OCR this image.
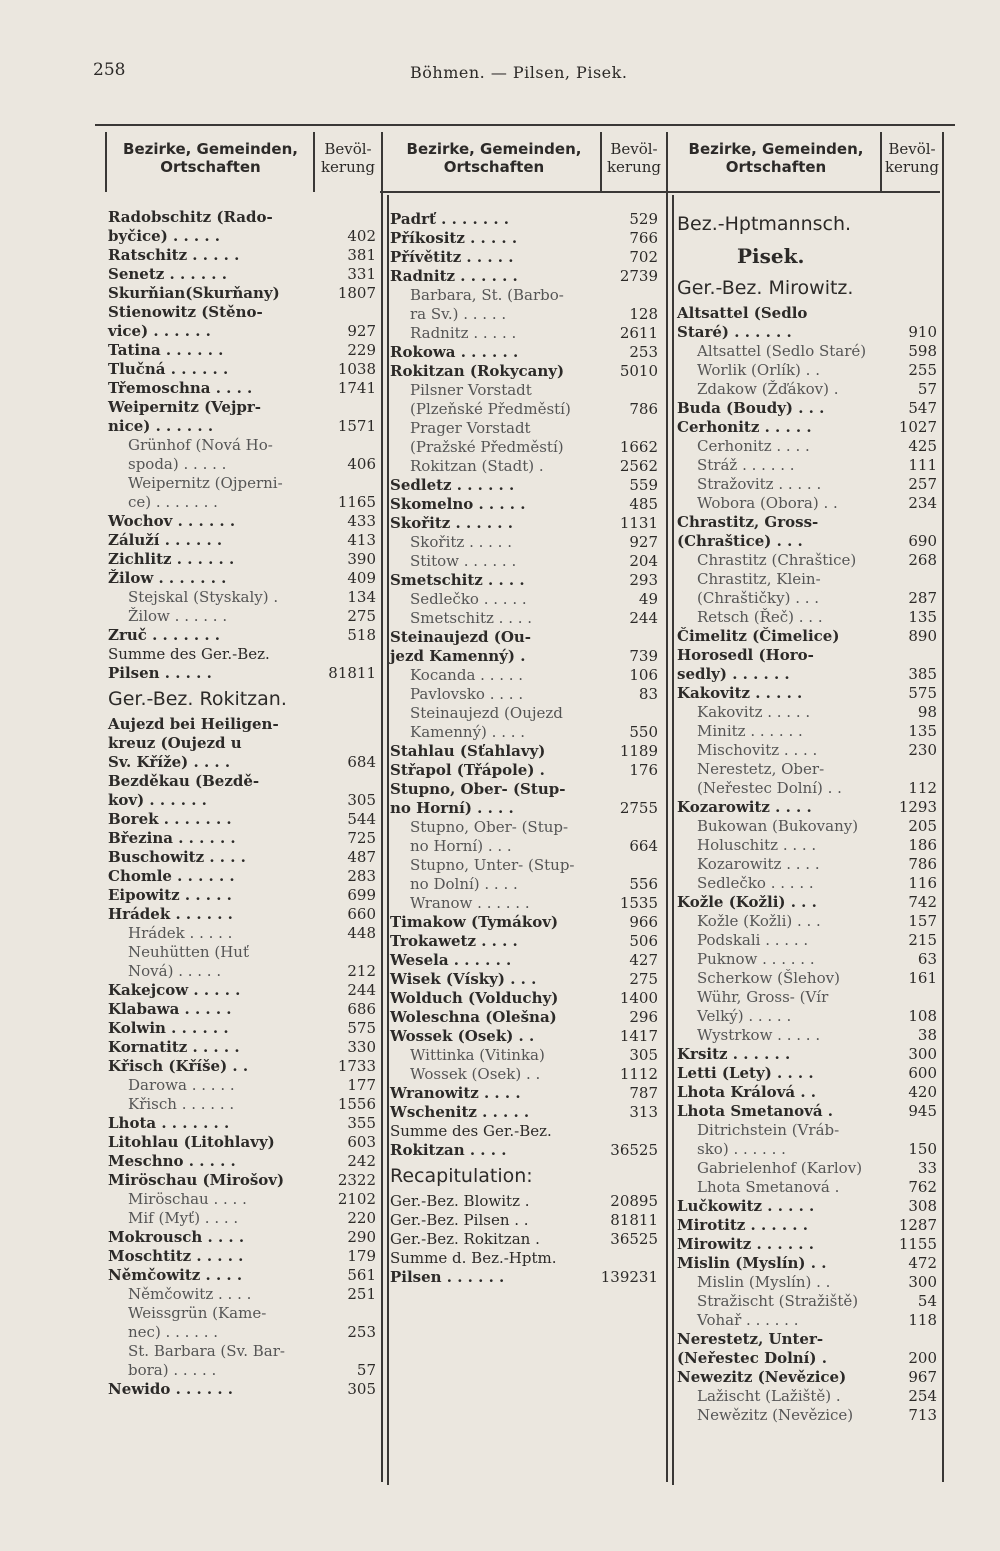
258	Böhmen. — Pilsen, Pisek.
Bezirke, Gemeinden,
Ortschaften
Bevöl-
kerung
Bezirke, Gemeinden,
Ortschaften
Bevöl-
kerung
Bezirke, Gemeinden,
Ortschaften
Bevöl-
kerung
Radobschitz (Rado-
byčice) . . . . .	402
Ratschitz . . . . .	381
Senetz . . . . . .	331
Skurňian(Skurňany)	1807
Stienowitz (Stěno-
vice) . . . . . .	927
Tatina . . . . . .	229
Tlučná . . . . . .	1038
Třemoschna . . . .	1741
Weipernitz (Vejpr-
nice) . . . . . .	1571
Grünhof (Nová Ho-
spoda) . . . . .	406
Weipernitz (Ojperni-
ce) . . . . . . .	1165
Wochov . . . . . .	433
Záluží . . . . . .	413
Zichlitz . . . . . .	390
Žilow . . . . . . .	409
Stejskal (Styskaly) .	134
Žilow . . . . . .	275
Zruč . . . . . . .	518
Summe des Ger.-Bez.
Pilsen . . . . .	81811
Ger.-Bez. Rokitzan.
Aujezd bei Heiligen-
kreuz (Oujezd u
Sv. Kříže) . . . .	684
Bezděkau (Bezdě-
kov) . . . . . .	305
Borek . . . . . . .	544
Březina . . . . . .	725
Buschowitz . . . .	487
Chomle . . . . . .	283
Eipowitz . . . . .	699
Hrádek . . . . . .	660
Hrádek . . . . .	448
Neuhütten (Huť
Nová) . . . . .	212
Kakejcow . . . . .	244
Klabawa . . . . .	686
Kolwin . . . . . .	575
Kornatitz . . . . .	330
Křisch (Kříše) . .	1733
Darowa . . . . .	177
Křisch . . . . . .	1556
Lhota . . . . . . .	355
Litohlau (Litohlavy)	603
Meschno . . . . .	242
Miröschau (Mirošov)	2322
Miröschau . . . .	2102
Mif (Myť) . . . .	220
Mokrousch . . . .	290
Moschtitz . . . . .	179
Němčowitz . . . .	561
Němčowitz . . . .	251
Weissgrün (Kame-
nec) . . . . . .	253
St. Barbara (Sv. Bar-
bora) . . . . .	57
Newido . . . . . .	305
Padrť . . . . . . .	529
Příkositz . . . . .	766
Přívětitz . . . . .	702
Radnitz . . . . . .	2739
Barbara, St. (Barbo-
ra Sv.) . . . . .	128
Radnitz . . . . .	2611
Rokowa . . . . . .	253
Rokitzan (Rokycany)	5010
Pilsner Vorstadt
(Plzeňské Předměstí)	786
Prager Vorstadt
(Pražské Předměstí)	1662
Rokitzan (Stadt) .	2562
Sedletz . . . . . .	559
Skomelno . . . . .	485
Skořitz . . . . . .	1131
Skořitz . . . . .	927
Stitow . . . . . .	204
Smetschitz . . . .	293
Sedlečko . . . . .	49
Smetschitz . . . .	244
Steinaujezd (Ou-
jezd Kamenný) .	739
Kocanda . . . . .	106
Pavlovsko . . . .	83
Steinaujezd (Oujezd
Kamenný) . . . .	550
Stahlau (Sťahlavy)	1189
Střapol (Třápole) .	176
Stupno, Ober- (Stup-
no Horní) . . . .	2755
Stupno, Ober- (Stup-
no Horní) . . .	664
Stupno, Unter- (Stup-
no Dolní) . . . .	556
Wranow . . . . . .	1535
Timakow (Tymákov)	966
Trokawetz . . . .	506
Wesela . . . . . .	427
Wisek (Vísky) . . .	275
Wolduch (Volduchy)	1400
Woleschna (Olešna)	296
Wossek (Osek) . .	1417
Wittinka (Vitinka)	305
Wossek (Osek) . .	1112
Wranowitz . . . .	787
Wschenitz . . . . .	313
Summe des Ger.-Bez.
Rokitzan . . . .	36525
Recapitulation:
Ger.-Bez. Blowitz .	20895
Ger.-Bez. Pilsen . .	81811
Ger.-Bez. Rokitzan .	36525
Summe d. Bez.-Hptm.
Pilsen . . . . . .	139231
Bez.-Hptmannsch.
Pisek.
Ger.-Bez. Mirowitz.
Altsattel (Sedlo
Staré) . . . . . .	910
Altsattel (Sedlo Staré)	598
Worlik (Orlík) . .	255
Zdakow (Žďákov) .	57
Buda (Boudy) . . .	547
Cerhonitz . . . . .	1027
Cerhonitz . . . .	425
Stráž . . . . . .	111
Stražovitz . . . . .	257
Wobora (Obora) . .	234
Chrastitz, Gross-
(Chraštice) . . .	690
Chrastitz (Chraštice)	268
Chrastitz, Klein-
(Chraštičky) . . .	287
Retsch (Řeč) . . .	135
Čimelitz (Čimelice)	890
Horosedl (Horo-
sedly) . . . . . .	385
Kakovitz . . . . .	575
Kakovitz . . . . .	98
Minitz . . . . . .	135
Mischovitz . . . .	230
Nerestetz, Ober-
(Neřestec Dolní) . .	112
Kozarowitz . . . .	1293
Bukowan (Bukovany)	205
Holuschitz . . . .	186
Kozarowitz . . . .	786
Sedlečko . . . . .	116
Kožle (Kožli) . . .	742
Kožle (Kožli) . . .	157
Podskali . . . . .	215
Puknow . . . . . .	63
Scherkow (Šlehov)	161
Wühr, Gross- (Vír
Velký) . . . . .	108
Wystrkow . . . . .	38
Krsitz . . . . . .	300
Letti (Lety) . . . .	600
Lhota Králová . .	420
Lhota Smetanová .	945
Ditrichstein (Vráb-
sko) . . . . . .	150
Gabrielenhof (Karlov)	33
Lhota Smetanová .	762
Lučkowitz . . . . .	308
Mirotitz . . . . . .	1287
Mirowitz . . . . . .	1155
Mislin (Myslín) . .	472
Mislin (Myslín) . .	300
Stražischt (Stražiště)	54
Vohař . . . . . .	118
Nerestetz, Unter-
(Neřestec Dolní) .	200
Newezitz (Nevězice)	967
Lažischt (Lažiště) .	254
Newězitz (Nevězice)	713
